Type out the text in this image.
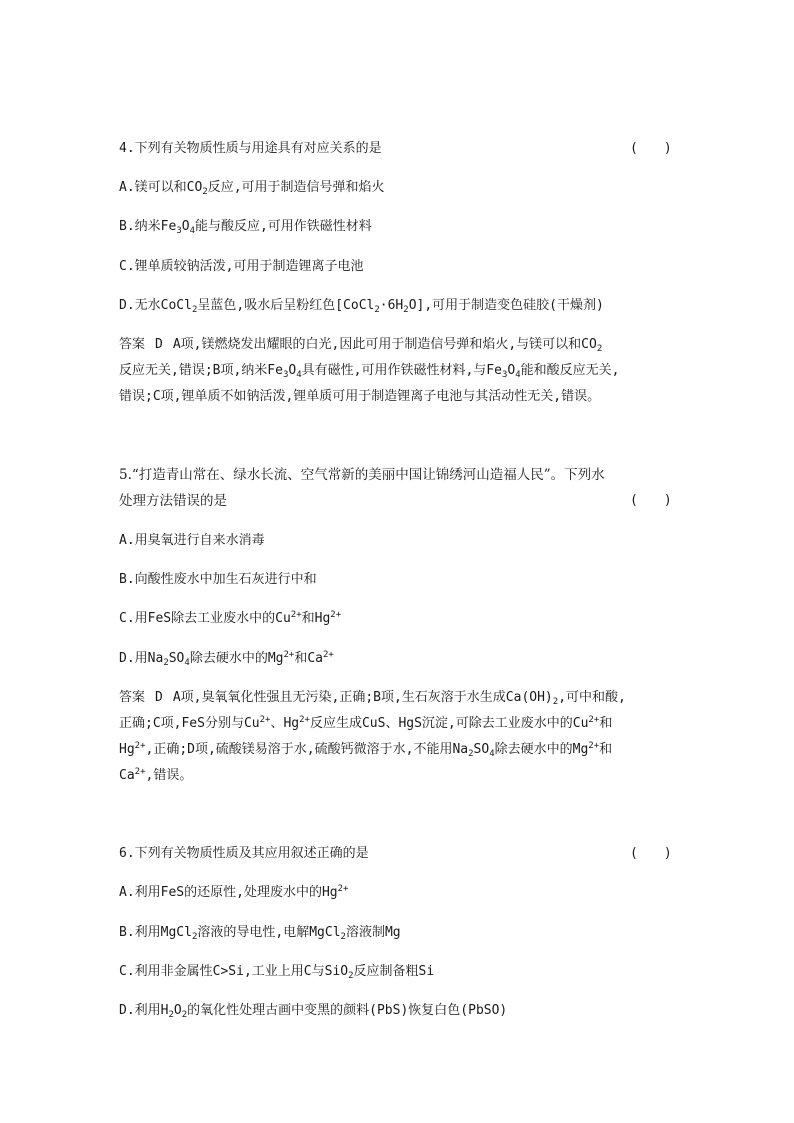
4.下列有关物质性质与用途具有对应关系的是	(　　)
A.镁可以和$CO_2$反应,可用于制造信号弹和焰火
B.纳米$Fe_3O_4$能与酸反应,可用作铁磁性材料
C.锂单质较钠活泼,可用于制造锂离子电池
D.无水CoCl$_2$呈蓝色,吸水后呈粉红色$[CoCl_2\cdot 6H_2O]$,可用于制造变色硅胶(干燥剂)
答案 D A项,镁燃烧发出耀眼的白光,因此可用于制造信号弹和焰火,与镁可以和$CO_2$
反应无关,错误;B项,纳米$Fe_3O_4$具有磁性,可用作铁磁性材料,与$Fe_3O_4$能和酸反应无关,
错误;C项,锂单质不如钠活泼,锂单质可用于制造锂离子电池与其活动性无关,错误。
5.“打造青山常在、绿水长流、空气常新的美丽中国让锦绣河山造福人民”。下列水
处理方法错误的是	(　　)
A.用臭氧进行自来水消毒
B.向酸性废水中加生石灰进行中和
C.用FeS除去工业废水中的$Cu^{2+}$和$Hg^{2+}$
D.用$Na_2SO_4$除去硬水中的$Mg^{2+}$和$Ca^{2+}$
答案 D A项,臭氧氧化性强且无污染,正确;B项,生石灰溶于水生成$Ca(OH)_2$,可中和酸,
正确;C项,FeS分别与$Cu^{2+}$、$Hg^{2+}$反应生成CuS、HgS沉淀,可除去工业废水中的$Cu^{2+}$和
$Hg^{2+}$,正确;D项,硫酸镁易溶于水,硫酸钙微溶于水,不能用$Na_2SO_4$除去硬水中的$Mg^{2+}$和
$Ca^{2+}$,错误。
6.下列有关物质性质及其应用叙述正确的是	(　　)
A.利用FeS的还原性,处理废水中的$Hg^{2+}$
B.利用MgCl$_2$溶液的导电性,电解MgCl$_2$溶液制Mg
C.利用非金属性C>Si,工业上用C与SiO$_2$反应制备粗Si
D.利用$H_2O_2$的氧化性处理古画中变黑的颜料(PbS)恢复白色(PbSO)
